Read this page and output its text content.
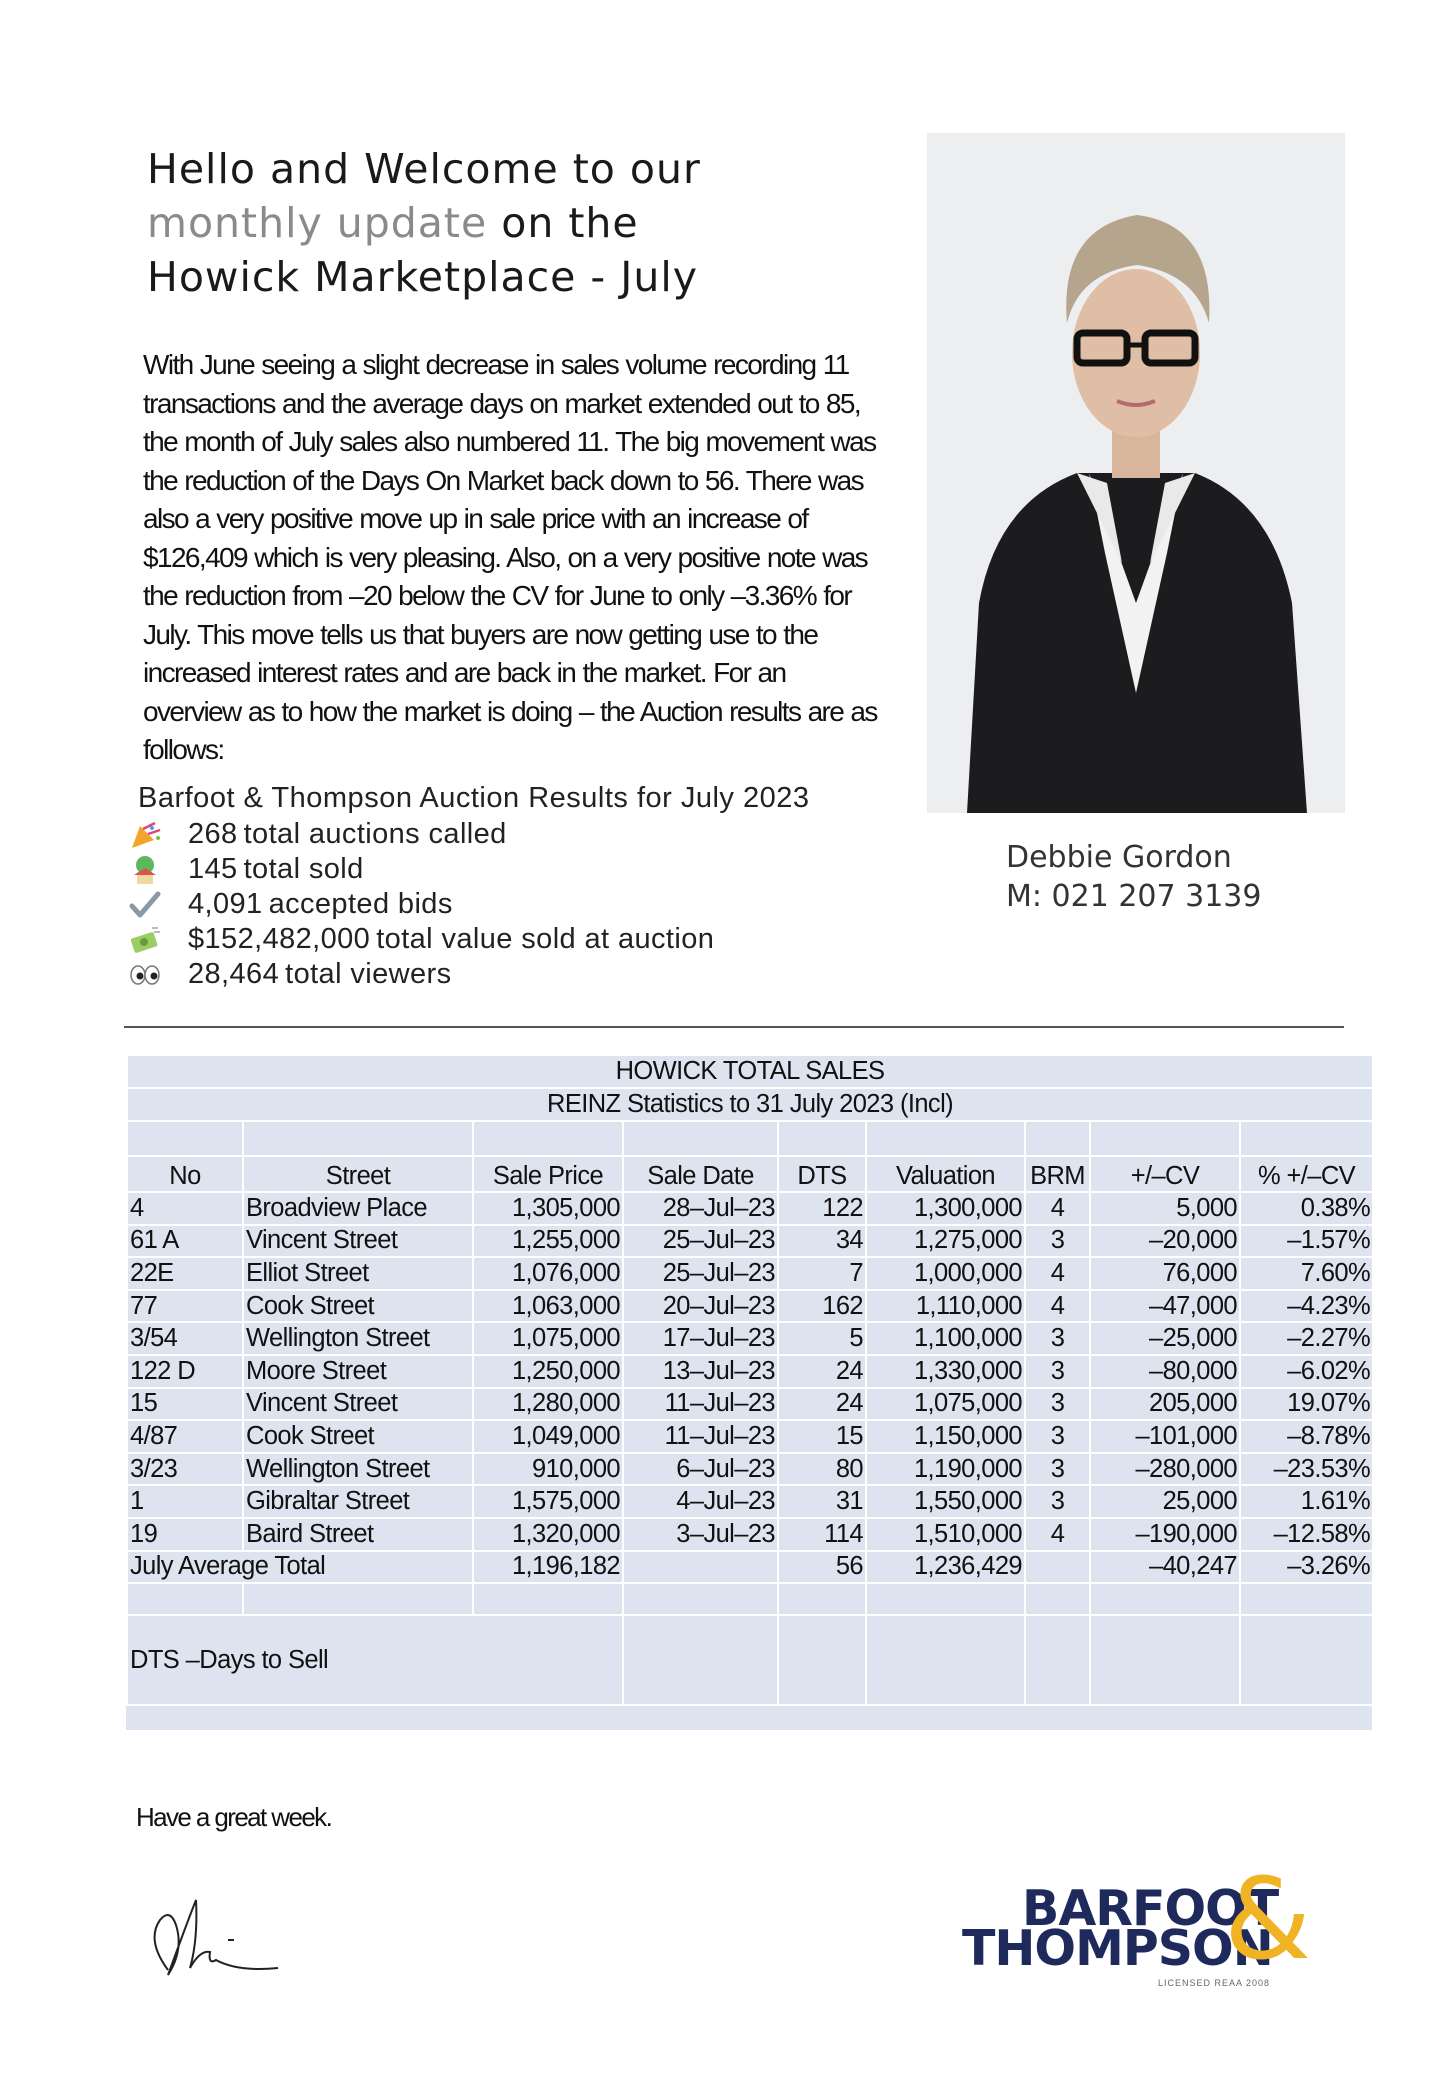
Hello and Welcome to our
monthly update on the
Howick Marketplace - July

With June seeing a slight decrease in sales volume recording 11 transactions and the average days on market extended out to 85, the month of July sales also numbered 11. The big movement was the reduction of the Days On Market back down to 56. There was also a very positive move up in sale price with an increase of $126,409 which is very pleasing. Also, on a very positive note was the reduction from –20 below the CV for June to only –3.36% for July. This move tells us that buyers are now getting use to the increased interest rates and are back in the market. For an overview as to how the market is doing – the Auction results are as follows:

Debbie Gordon
M: 021 207 3139
Barfoot & Thompson Auction Results for July 2023
268 total auctions called
145 total sold
4,091 accepted bids
$152,482,000 total value sold at auction
28,464 total viewers
HOWICK TOTAL SALES								
REINZ Statistics to 31 July 2023 (Incl)								

No	Street	Sale Price	Sale Date	DTS	Valuation	BRM	+/–CV	% +/–CV
4	Broadview Place	1,305,000	28–Jul–23	122	1,300,000	4	5,000	0.38%
61 A	Vincent Street	1,255,000	25–Jul–23	34	1,275,000	3	–20,000	–1.57%
22E	Elliot Street	1,076,000	25–Jul–23	7	1,000,000	4	76,000	7.60%
77	Cook Street	1,063,000	20–Jul–23	162	1,110,000	4	–47,000	–4.23%
3/54	Wellington Street	1,075,000	17–Jul–23	5	1,100,000	3	–25,000	–2.27%
122 D	Moore Street	1,250,000	13–Jul–23	24	1,330,000	3	–80,000	–6.02%
15	Vincent Street	1,280,000	11–Jul–23	24	1,075,000	3	205,000	19.07%
4/87	Cook Street	1,049,000	11–Jul–23	15	1,150,000	3	–101,000	–8.78%
3/23	Wellington Street	910,000	6–Jul–23	80	1,190,000	3	–280,000	–23.53%
1	Gibraltar Street	1,575,000	4–Jul–23	31	1,550,000	3	25,000	1.61%
19	Baird Street	1,320,000	3–Jul–23	114	1,510,000	4	–190,000	–12.58%
July Average Total		1,196,182		56	1,236,429		–40,247	–3.26%

DTS –Days to Sell								
Have a great week.
BARFOOT
THOMPSON
&
LICENSED REAA 2008
